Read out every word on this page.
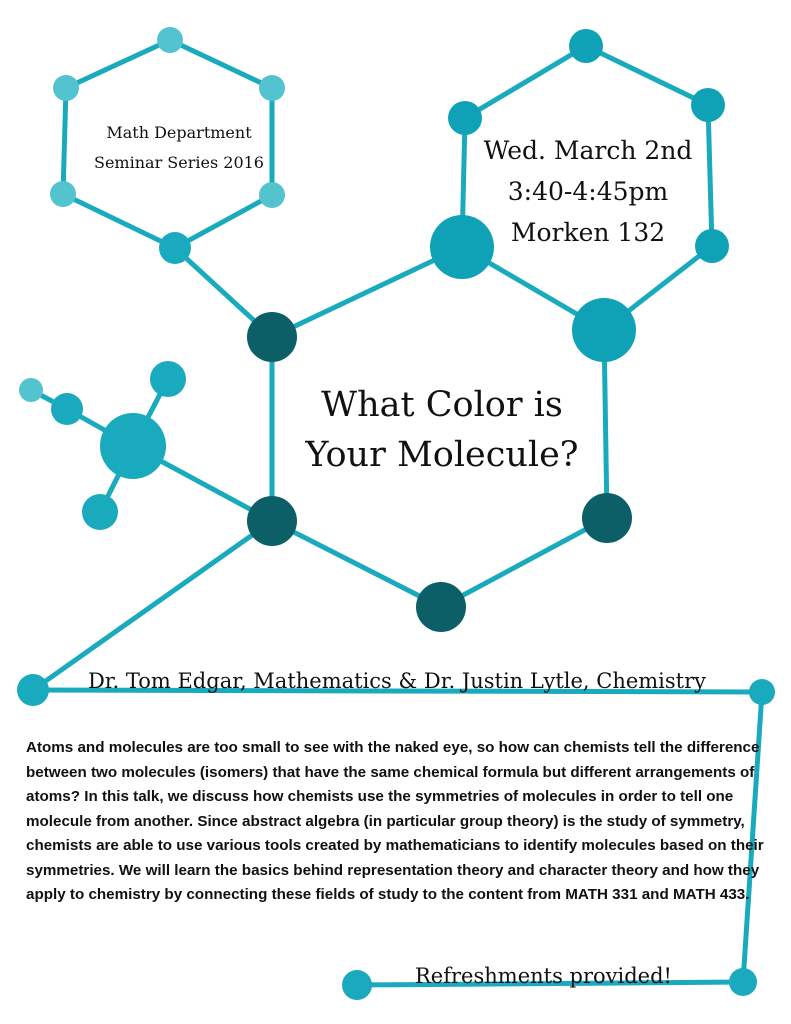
Math Department
Seminar Series 2016	Wed. March 2nd
3:40-4:45pm
Morken 132
What Color is
Your Molecule?
Dr. Tom Edgar, Mathematics & Dr. Justin Lytle, Chemistry

Atoms and molecules are too small to see with the naked eye, so how can chemists tell the difference between two molecules (isomers) that have the same chemical formula but different arrangements of atoms? In this talk, we discuss how chemists use the symmetries of molecules in order to tell one molecule from another. Since abstract algebra (in particular group theory) is the study of symmetry, chemists are able to use various tools created by mathematicians to identify molecules based on their symmetries. We will learn the basics behind representation theory and character theory and how they apply to chemistry by connecting these fields of study to the content from MATH 331 and MATH 433.

Refreshments provided!
